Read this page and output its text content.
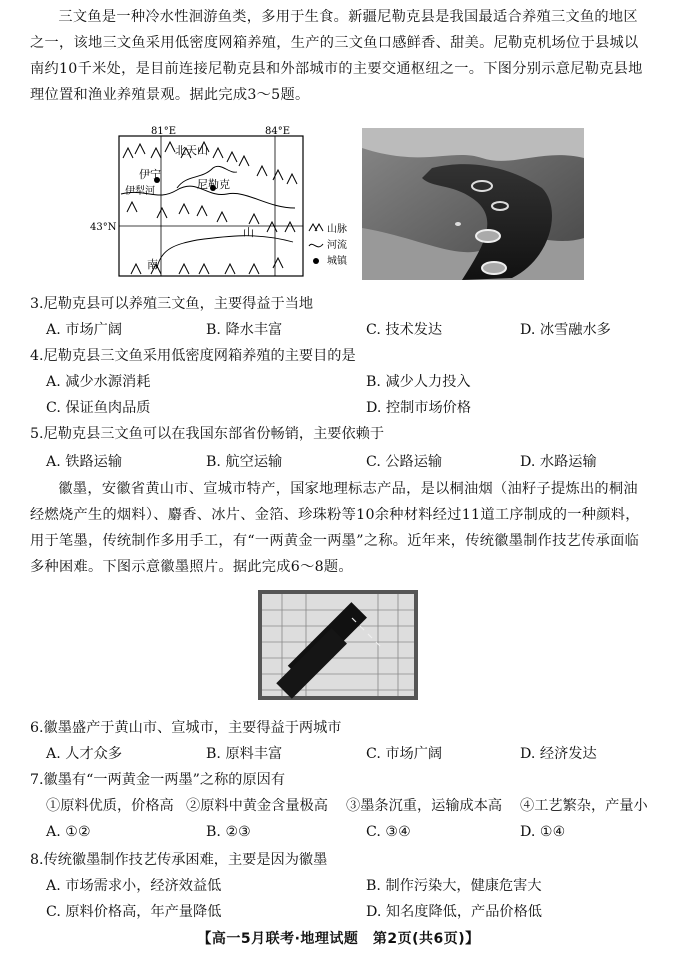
三文鱼是一种冷水性洄游鱼类，多用于生食。新疆尼勒克县是我国最适合养殖三文鱼的地区之一，该地三文鱼采用低密度网箱养殖，生产的三文鱼口感鲜香、甜美。尼勒克机场位于县城以南约10千米处，是目前连接尼勒克县和外部城市的主要交通枢纽之一。下图分别示意尼勒克县地理位置和渔业养殖景观。据此完成3～5题。
81°E	84°E
43°N
伊宁
尼勒克
伊犁河
北天山
山
南
山脉
河流
城镇
3.尼勒克县可以养殖三文鱼，主要得益于当地
A. 市场广阔	B. 降水丰富	C. 技术发达	D. 冰雪融水多
4.尼勒克县三文鱼采用低密度网箱养殖的主要目的是
A. 减少水源消耗	B. 减少人力投入
C. 保证鱼肉品质	D. 控制市场价格
5.尼勒克县三文鱼可以在我国东部省份畅销，主要依赖于
A. 铁路运输	B. 航空运输	C. 公路运输	D. 水路运输
徽墨，安徽省黄山市、宣城市特产，国家地理标志产品，是以桐油烟（油籽子提炼出的桐油经燃烧产生的烟料）、麝香、冰片、金箔、珍珠粉等10余种材料经过11道工序制成的一种颜料，用于笔墨，传统制作多用手工，有“一两黄金一两墨”之称。近年来，传统徽墨制作技艺传承面临多种困难。下图示意徽墨照片。据此完成6～8题。
6.徽墨盛产于黄山市、宣城市，主要得益于两城市
A. 人才众多	B. 原料丰富	C. 市场广阔	D. 经济发达
7.徽墨有“一两黄金一两墨”之称的原因有
①原料优质，价格高 ②原料中黄金含量极高 ③墨条沉重，运输成本高 ④工艺繁杂，产量小
A. ①②	B. ②③	C. ③④	D. ①④
8.传统徽墨制作技艺传承困难，主要是因为徽墨
A. 市场需求小，经济效益低	B. 制作污染大，健康危害大
C. 原料价格高，年产量降低	D. 知名度降低，产品价格低
【高一5月联考·地理试题　第2页(共6页)】
